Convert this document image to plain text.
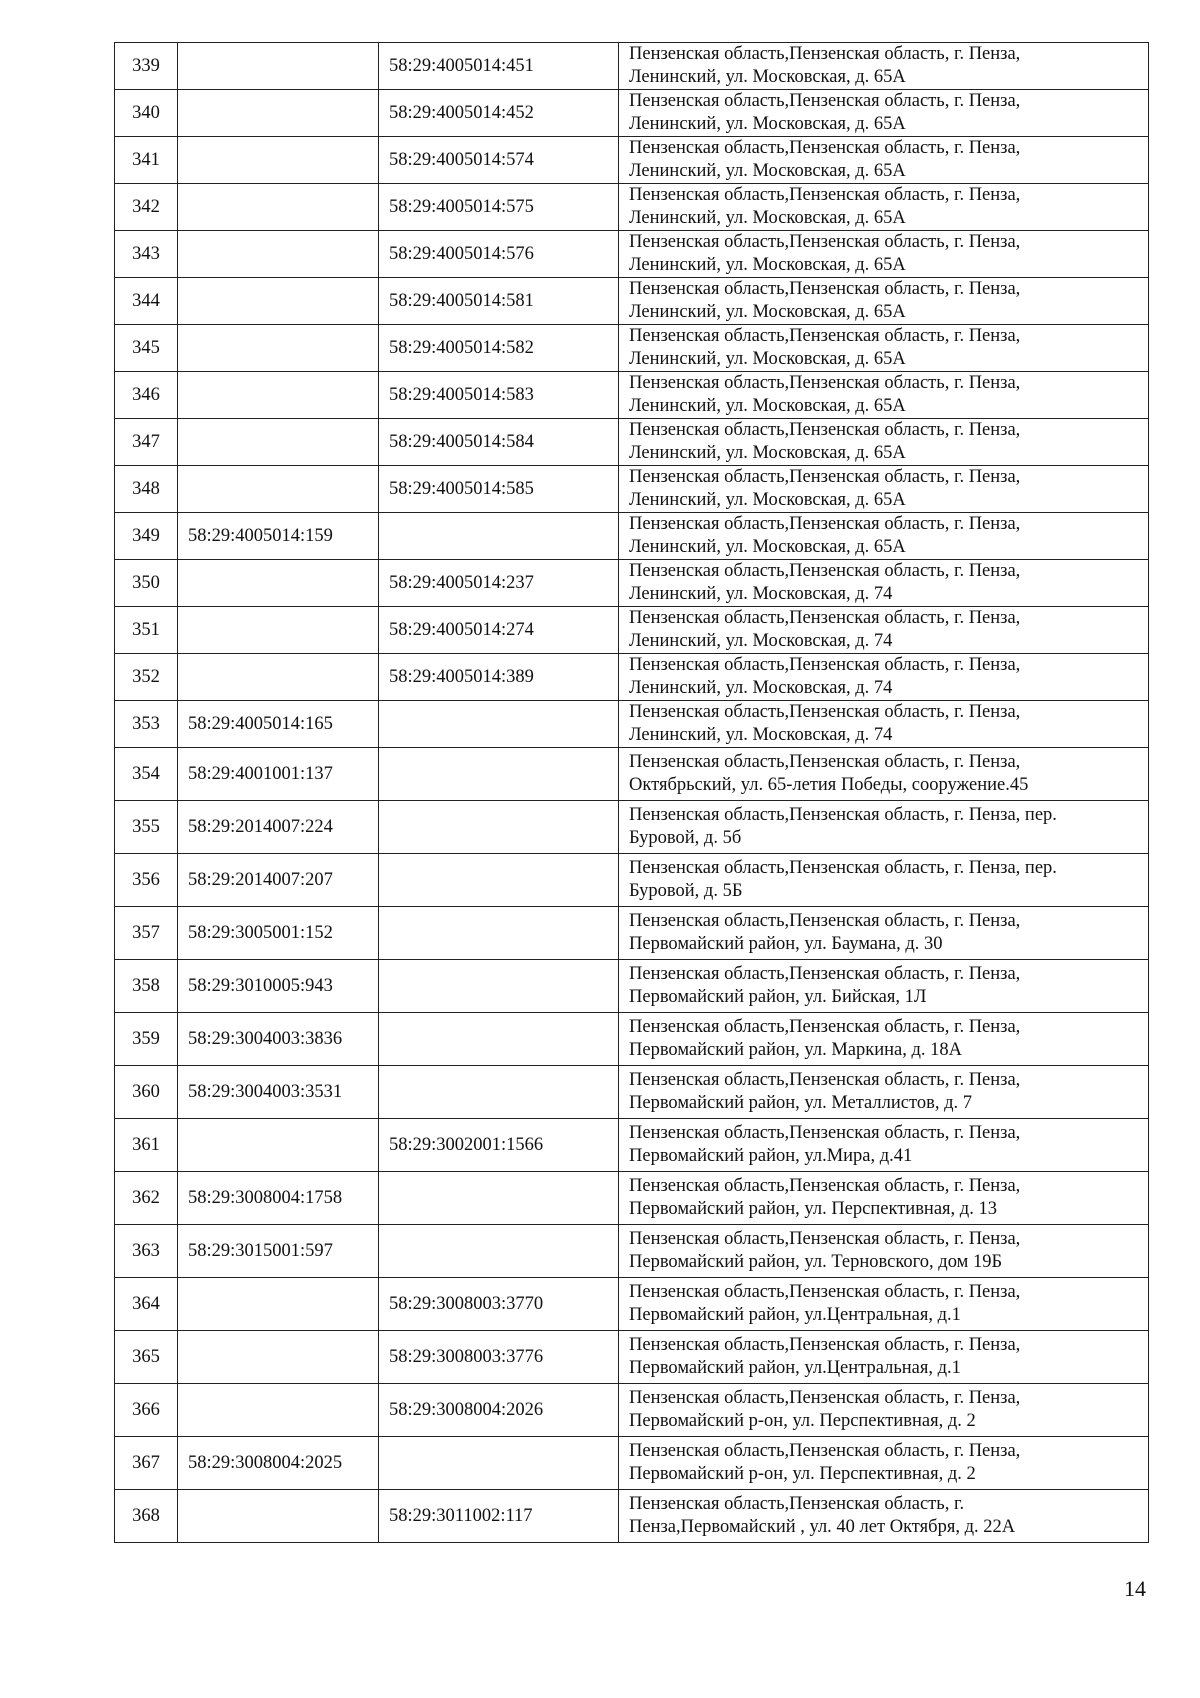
339		58:29:4005014:451	Пензенская область,Пензенская область, г. Пенза,
Ленинский, ул. Московская, д. 65А

340		58:29:4005014:452	Пензенская область,Пензенская область, г. Пенза,
Ленинский, ул. Московская, д. 65А

341		58:29:4005014:574	Пензенская область,Пензенская область, г. Пенза,
Ленинский, ул. Московская, д. 65А

342		58:29:4005014:575	Пензенская область,Пензенская область, г. Пенза,
Ленинский, ул. Московская, д. 65А

343		58:29:4005014:576	Пензенская область,Пензенская область, г. Пенза,
Ленинский, ул. Московская, д. 65А

344		58:29:4005014:581	Пензенская область,Пензенская область, г. Пенза,
Ленинский, ул. Московская, д. 65А

345		58:29:4005014:582	Пензенская область,Пензенская область, г. Пенза,
Ленинский, ул. Московская, д. 65А

346		58:29:4005014:583	Пензенская область,Пензенская область, г. Пенза,
Ленинский, ул. Московская, д. 65А

347		58:29:4005014:584	Пензенская область,Пензенская область, г. Пенза,
Ленинский, ул. Московская, д. 65А

348		58:29:4005014:585	Пензенская область,Пензенская область, г. Пенза,
Ленинский, ул. Московская, д. 65А

349	58:29:4005014:159		Пензенская область,Пензенская область, г. Пенза,
Ленинский, ул. Московская, д. 65А

350		58:29:4005014:237	Пензенская область,Пензенская область, г. Пенза,
Ленинский, ул. Московская, д. 74

351		58:29:4005014:274	Пензенская область,Пензенская область, г. Пенза,
Ленинский, ул. Московская, д. 74

352		58:29:4005014:389	Пензенская область,Пензенская область, г. Пенза,
Ленинский, ул. Московская, д. 74

353	58:29:4005014:165		Пензенская область,Пензенская область, г. Пенза,
Ленинский, ул. Московская, д. 74

354	58:29:4001001:137		Пензенская область,Пензенская область, г. Пенза,
Октябрьский, ул. 65-летия Победы, сооружение.45

355	58:29:2014007:224		Пензенская область,Пензенская область, г. Пенза, пер.
Буровой, д. 5б

356	58:29:2014007:207		Пензенская область,Пензенская область, г. Пенза, пер.
Буровой, д. 5Б

357	58:29:3005001:152		Пензенская область,Пензенская область, г. Пенза,
Первомайский район, ул. Баумана, д. 30

358	58:29:3010005:943		Пензенская область,Пензенская область, г. Пенза,
Первомайский район, ул. Бийская, 1Л

359	58:29:3004003:3836		Пензенская область,Пензенская область, г. Пенза,
Первомайский район, ул. Маркина, д. 18А

360	58:29:3004003:3531		Пензенская область,Пензенская область, г. Пенза,
Первомайский район, ул. Металлистов, д. 7

361		58:29:3002001:1566	Пензенская область,Пензенская область, г. Пенза,
Первомайский район, ул.Мира, д.41

362	58:29:3008004:1758		Пензенская область,Пензенская область, г. Пенза,
Первомайский район, ул. Перспективная, д. 13

363	58:29:3015001:597		Пензенская область,Пензенская область, г. Пенза,
Первомайский район, ул. Терновского, дом 19Б

364		58:29:3008003:3770	Пензенская область,Пензенская область, г. Пенза,
Первомайский район, ул.Центральная, д.1

365		58:29:3008003:3776	Пензенская область,Пензенская область, г. Пенза,
Первомайский район, ул.Центральная, д.1

366		58:29:3008004:2026	Пензенская область,Пензенская область, г. Пенза,
Первомайский р-он, ул. Перспективная, д. 2

367	58:29:3008004:2025		Пензенская область,Пензенская область, г. Пенза,
Первомайский р-он, ул. Перспективная, д. 2

368		58:29:3011002:117	Пензенская область,Пензенская область, г.
Пенза,Первомайский , ул. 40 лет Октября, д. 22А
14
